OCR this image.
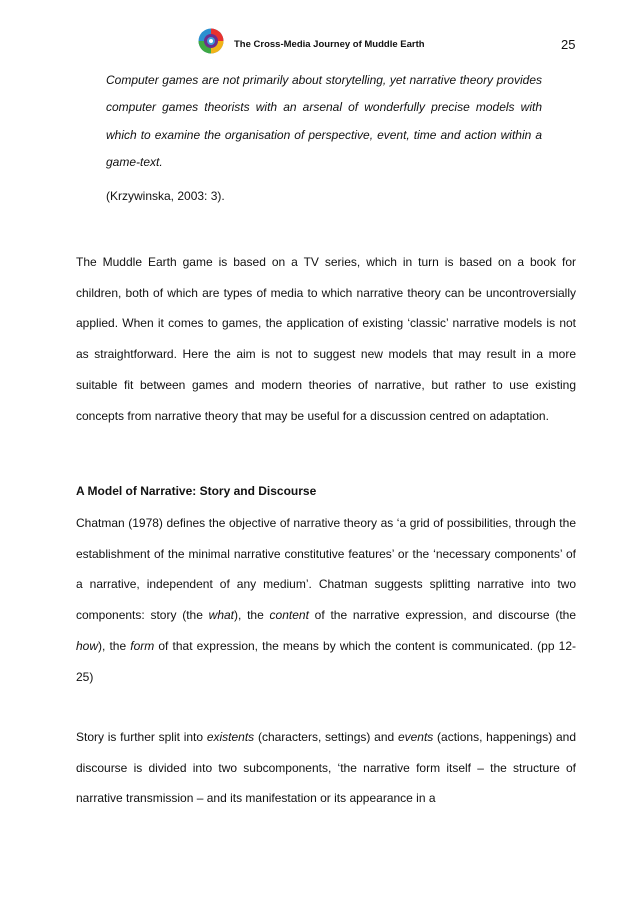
The Cross-Media Journey of Muddle Earth	25
Computer games are not primarily about storytelling, yet narrative theory provides computer games theorists with an arsenal of wonderfully precise models with which to examine the organisation of perspective, event, time and action within a game-text.
(Krzywinska, 2003: 3).
The Muddle Earth game is based on a TV series, which in turn is based on a book for children, both of which are types of media to which narrative theory can be uncontroversially applied. When it comes to games, the application of existing ‘classic’ narrative models is not as straightforward. Here the aim is not to suggest new models that may result in a more suitable fit between games and modern theories of narrative, but rather to use existing concepts from narrative theory that may be useful for a discussion centred on adaptation.
A Model of Narrative: Story and Discourse
Chatman (1978) defines the objective of narrative theory as ‘a grid of possibilities, through the establishment of the minimal narrative constitutive features’ or the ‘necessary components’ of a narrative, independent of any medium’. Chatman suggests splitting narrative into two components: story (the what), the content of the narrative expression, and discourse (the how), the form of that expression, the means by which the content is communicated. (pp 12-25)
Story is further split into existents (characters, settings) and events (actions, happenings) and discourse is divided into two subcomponents, ‘the narrative form itself – the structure of narrative transmission – and its manifestation or its appearance in a
